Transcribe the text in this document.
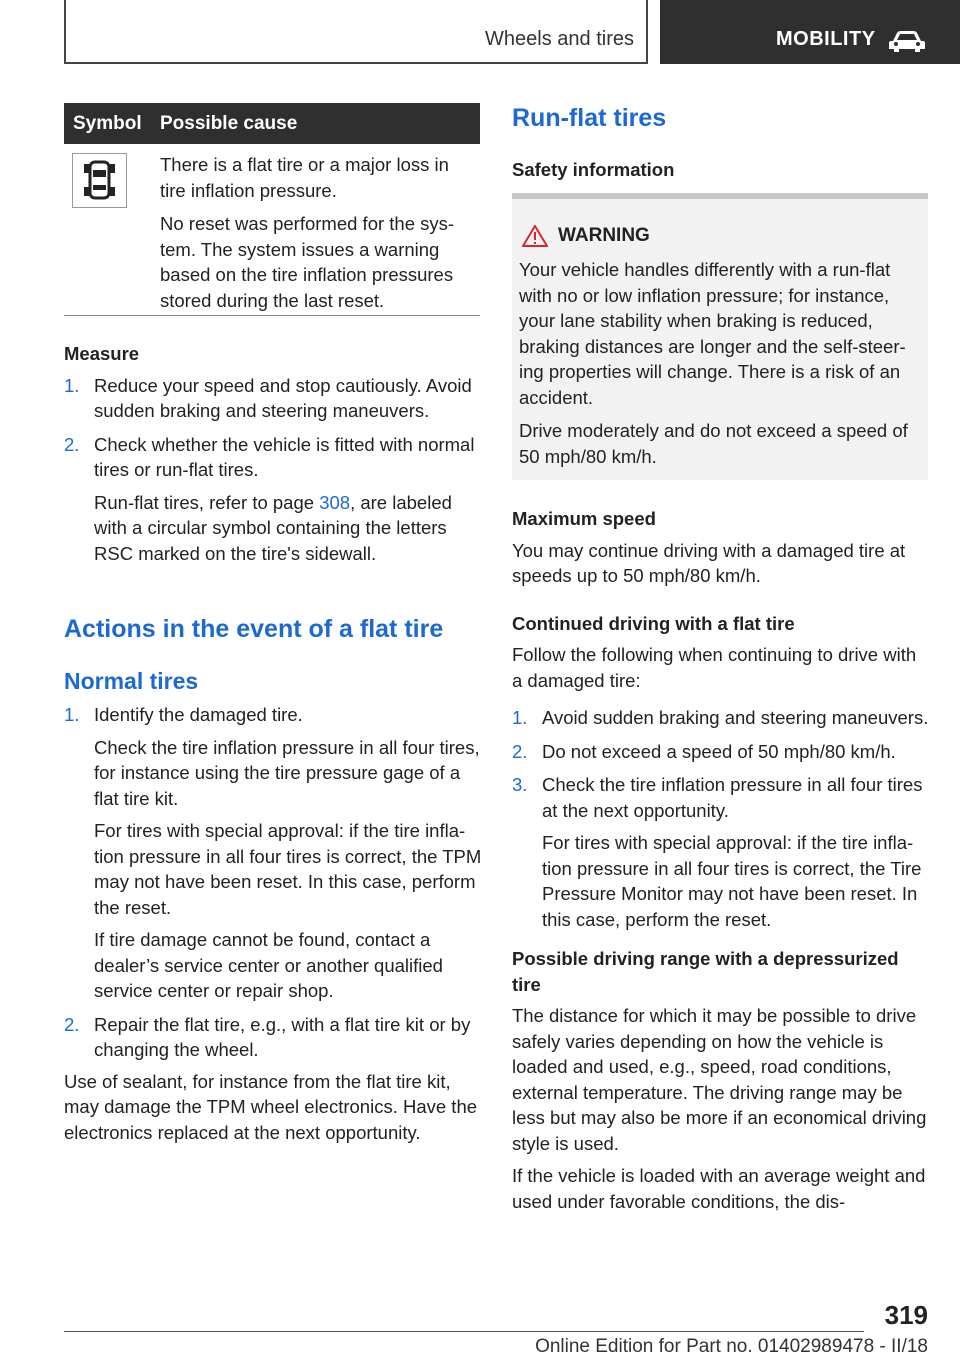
Wheels and tires	MOBILITY
Symbol Possible cause

There is a flat tire or a major loss in tire inflation pressure.

No reset was performed for the system. The system issues a warning based on the tire inflation pressures stored during the last reset.

Measure
1. Reduce your speed and stop cautiously. Avoid sudden braking and steering maneuvers.

2. Check whether the vehicle is fitted with normal tires or run-flat tires.

Run-flat tires, refer to page 308, are labeled with a circular symbol containing the letters RSC marked on the tire's sidewall.

Actions in the event of a flat tire
Normal tires
1. Identify the damaged tire.

Check the tire inflation pressure in all four tires, for instance using the tire pressure gage of a flat tire kit.

For tires with special approval: if the tire inflation pressure in all four tires is correct, the TPM may not have been reset. In this case, perform the reset.

If tire damage cannot be found, contact a dealer’s service center or another qualified service center or repair shop.

2. Repair the flat tire, e.g., with a flat tire kit or by changing the wheel.

Use of sealant, for instance from the flat tire kit, may damage the TPM wheel electronics. Have the electronics replaced at the next opportunity.

Run-flat tires
Safety information
WARNING

Your vehicle handles differently with a run-flat with no or low inflation pressure; for instance, your lane stability when braking is reduced, braking distances are longer and the self-steering properties will change. There is a risk of an accident.

Drive moderately and do not exceed a speed of 50 mph/80 km/h.

Maximum speed

You may continue driving with a damaged tire at speeds up to 50 mph/80 km/h.

Continued driving with a flat tire

Follow the following when continuing to drive with a damaged tire:

1. Avoid sudden braking and steering maneuvers.

2. Do not exceed a speed of 50 mph/80 km/h.

3. Check the tire inflation pressure in all four tires at the next opportunity.

For tires with special approval: if the tire inflation pressure in all four tires is correct, the Tire Pressure Monitor may not have been reset. In this case, perform the reset.

Possible driving range with a depressurized tire

The distance for which it may be possible to drive safely varies depending on how the vehicle is loaded and used, e.g., speed, road conditions, external temperature. The driving range may be less but may also be more if an economical driving style is used.

If the vehicle is loaded with an average weight and used under favorable conditions, the dis-

319
Online Edition for Part no. 01402989478 - II/18
